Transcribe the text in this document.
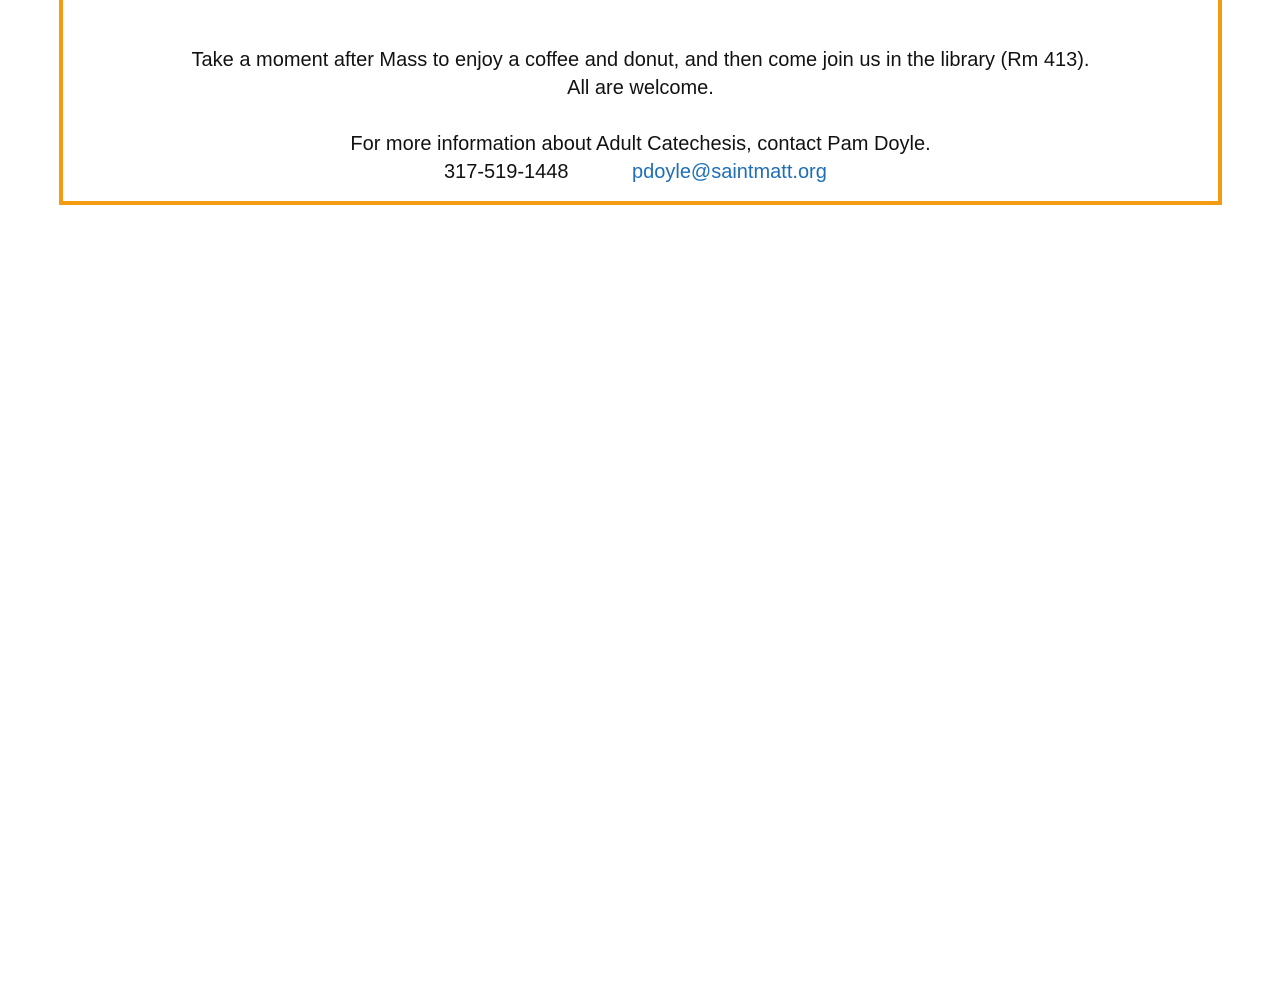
Take a moment after Mass to enjoy a coffee and donut, and then come join us in the library (Rm 413).
All are welcome.
For more information about Adult Catechesis, contact Pam Doyle.
317-519-1448	pdoyle@saintmatt.org
